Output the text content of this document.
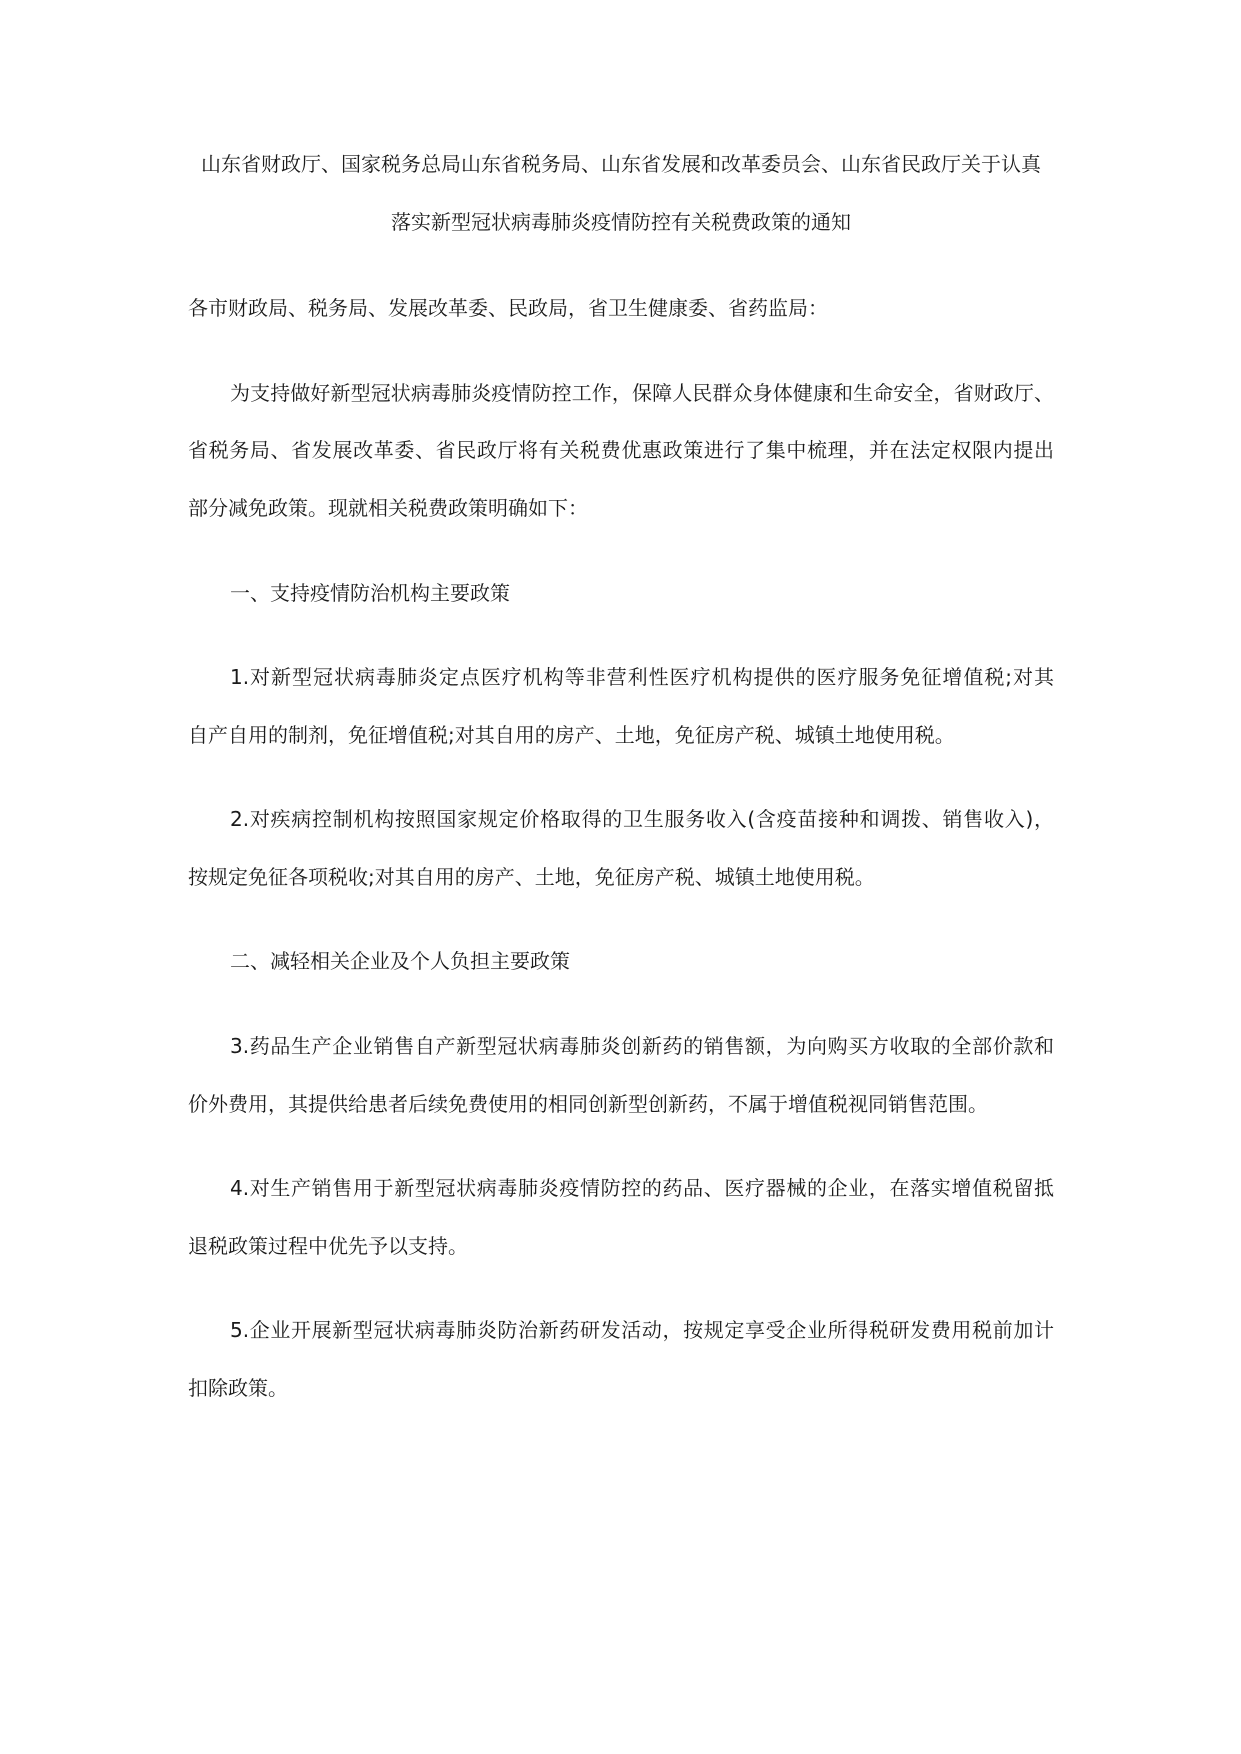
山东省财政厅、国家税务总局山东省税务局、山东省发展和改革委员会、山东省民政厅关于认真
落实新型冠状病毒肺炎疫情防控有关税费政策的通知
各市财政局、税务局、发展改革委、民政局，省卫生健康委、省药监局：
为支持做好新型冠状病毒肺炎疫情防控工作，保障人民群众身体健康和生命安全，省财政厅、
省税务局、省发展改革委、省民政厅将有关税费优惠政策进行了集中梳理，并在法定权限内提出
部分减免政策。现就相关税费政策明确如下：
一、支持疫情防治机构主要政策
1.对新型冠状病毒肺炎定点医疗机构等非营利性医疗机构提供的医疗服务免征增值税;对其
自产自用的制剂，免征增值税;对其自用的房产、土地，免征房产税、城镇土地使用税。
2.对疾病控制机构按照国家规定价格取得的卫生服务收入(含疫苗接种和调拨、销售收入)，
按规定免征各项税收;对其自用的房产、土地，免征房产税、城镇土地使用税。
二、减轻相关企业及个人负担主要政策
3.药品生产企业销售自产新型冠状病毒肺炎创新药的销售额，为向购买方收取的全部价款和
价外费用，其提供给患者后续免费使用的相同创新型创新药，不属于增值税视同销售范围。
4.对生产销售用于新型冠状病毒肺炎疫情防控的药品、医疗器械的企业，在落实增值税留抵
退税政策过程中优先予以支持。
5.企业开展新型冠状病毒肺炎防治新药研发活动，按规定享受企业所得税研发费用税前加计
扣除政策。
